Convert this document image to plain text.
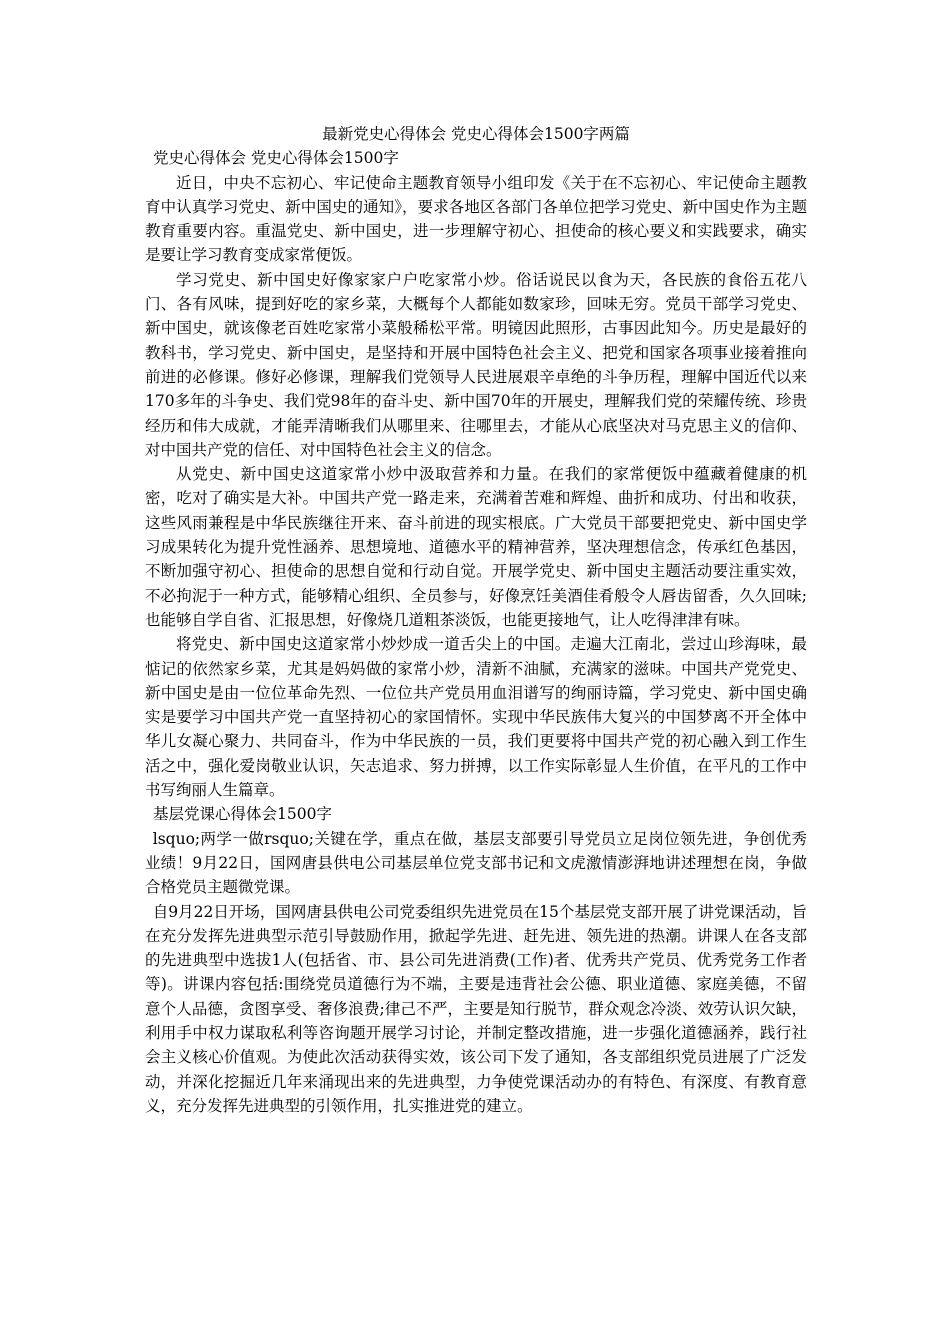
最新党史心得体会 党史心得体会1500字两篇

党史心得体会 党史心得体会1500字

近日，中央不忘初心、牢记使命主题教育领导小组印发《关于在不忘初心、牢记使命主题教育中认真学习党史、新中国史的通知》，要求各地区各部门各单位把学习党史、新中国史作为主题教育重要内容。重温党史、新中国史，进一步理解守初心、担使命的核心要义和实践要求，确实是要让学习教育变成家常便饭。

学习党史、新中国史好像家家户户吃家常小炒。俗话说民以食为天，各民族的食俗五花八门、各有风味，提到好吃的家乡菜，大概每个人都能如数家珍，回味无穷。党员干部学习党史、新中国史，就该像老百姓吃家常小菜般稀松平常。明镜因此照形，古事因此知今。历史是最好的教科书，学习党史、新中国史，是坚持和开展中国特色社会主义、把党和国家各项事业接着推向前进的必修课。修好必修课，理解我们党领导人民进展艰辛卓绝的斗争历程，理解中国近代以来170多年的斗争史、我们党98年的奋斗史、新中国70年的开展史，理解我们党的荣耀传统、珍贵经历和伟大成就，才能弄清晰我们从哪里来、往哪里去，才能从心底坚决对马克思主义的信仰、对中国共产党的信任、对中国特色社会主义的信念。

从党史、新中国史这道家常小炒中汲取营养和力量。在我们的家常便饭中蕴藏着健康的机密，吃对了确实是大补。中国共产党一路走来，充满着苦难和辉煌、曲折和成功、付出和收获，这些风雨兼程是中华民族继往开来、奋斗前进的现实根底。广大党员干部要把党史、新中国史学习成果转化为提升党性涵养、思想境地、道德水平的精神营养，坚决理想信念，传承红色基因，不断加强守初心、担使命的思想自觉和行动自觉。开展学党史、新中国史主题活动要注重实效，不必拘泥于一种方式，能够精心组织、全员参与，好像烹饪美酒佳肴般令人唇齿留香，久久回味;也能够自学自省、汇报思想，好像烧几道粗茶淡饭，也能更接地气，让人吃得津津有味。

将党史、新中国史这道家常小炒炒成一道舌尖上的中国。走遍大江南北，尝过山珍海味，最惦记的依然家乡菜，尤其是妈妈做的家常小炒，清新不油腻，充满家的滋味。中国共产党党史、新中国史是由一位位革命先烈、一位位共产党员用血泪谱写的绚丽诗篇，学习党史、新中国史确实是要学习中国共产党一直坚持初心的家国情怀。实现中华民族伟大复兴的中国梦离不开全体中华儿女凝心聚力、共同奋斗，作为中华民族的一员，我们更要将中国共产党的初心融入到工作生活之中，强化爱岗敬业认识，矢志追求、努力拼搏，以工作实际彰显人生价值，在平凡的工作中书写绚丽人生篇章。

基层党课心得体会1500字

lsquo;两学一做rsquo;关键在学，重点在做，基层支部要引导党员立足岗位领先进，争创优秀业绩！9月22日，国网唐县供电公司基层单位党支部书记和文虎激情澎湃地讲述理想在岗，争做合格党员主题微党课。

自9月22日开场，国网唐县供电公司党委组织先进党员在15个基层党支部开展了讲党课活动，旨在充分发挥先进典型示范引导鼓励作用，掀起学先进、赶先进、领先进的热潮。讲课人在各支部的先进典型中选拔1人(包括省、市、县公司先进消费(工作)者、优秀共产党员、优秀党务工作者等)。讲课内容包括:围绕党员道德行为不端，主要是违背社会公德、职业道德、家庭美德，不留意个人品德，贪图享受、奢侈浪费;律己不严，主要是知行脱节，群众观念冷淡、效劳认识欠缺，利用手中权力谋取私利等咨询题开展学习讨论，并制定整改措施，进一步强化道德涵养，践行社会主义核心价值观。为使此次活动获得实效，该公司下发了通知，各支部组织党员进展了广泛发动，并深化挖掘近几年来涌现出来的先进典型，力争使党课活动办的有特色、有深度、有教育意义，充分发挥先进典型的引领作用，扎实推进党的建立。
